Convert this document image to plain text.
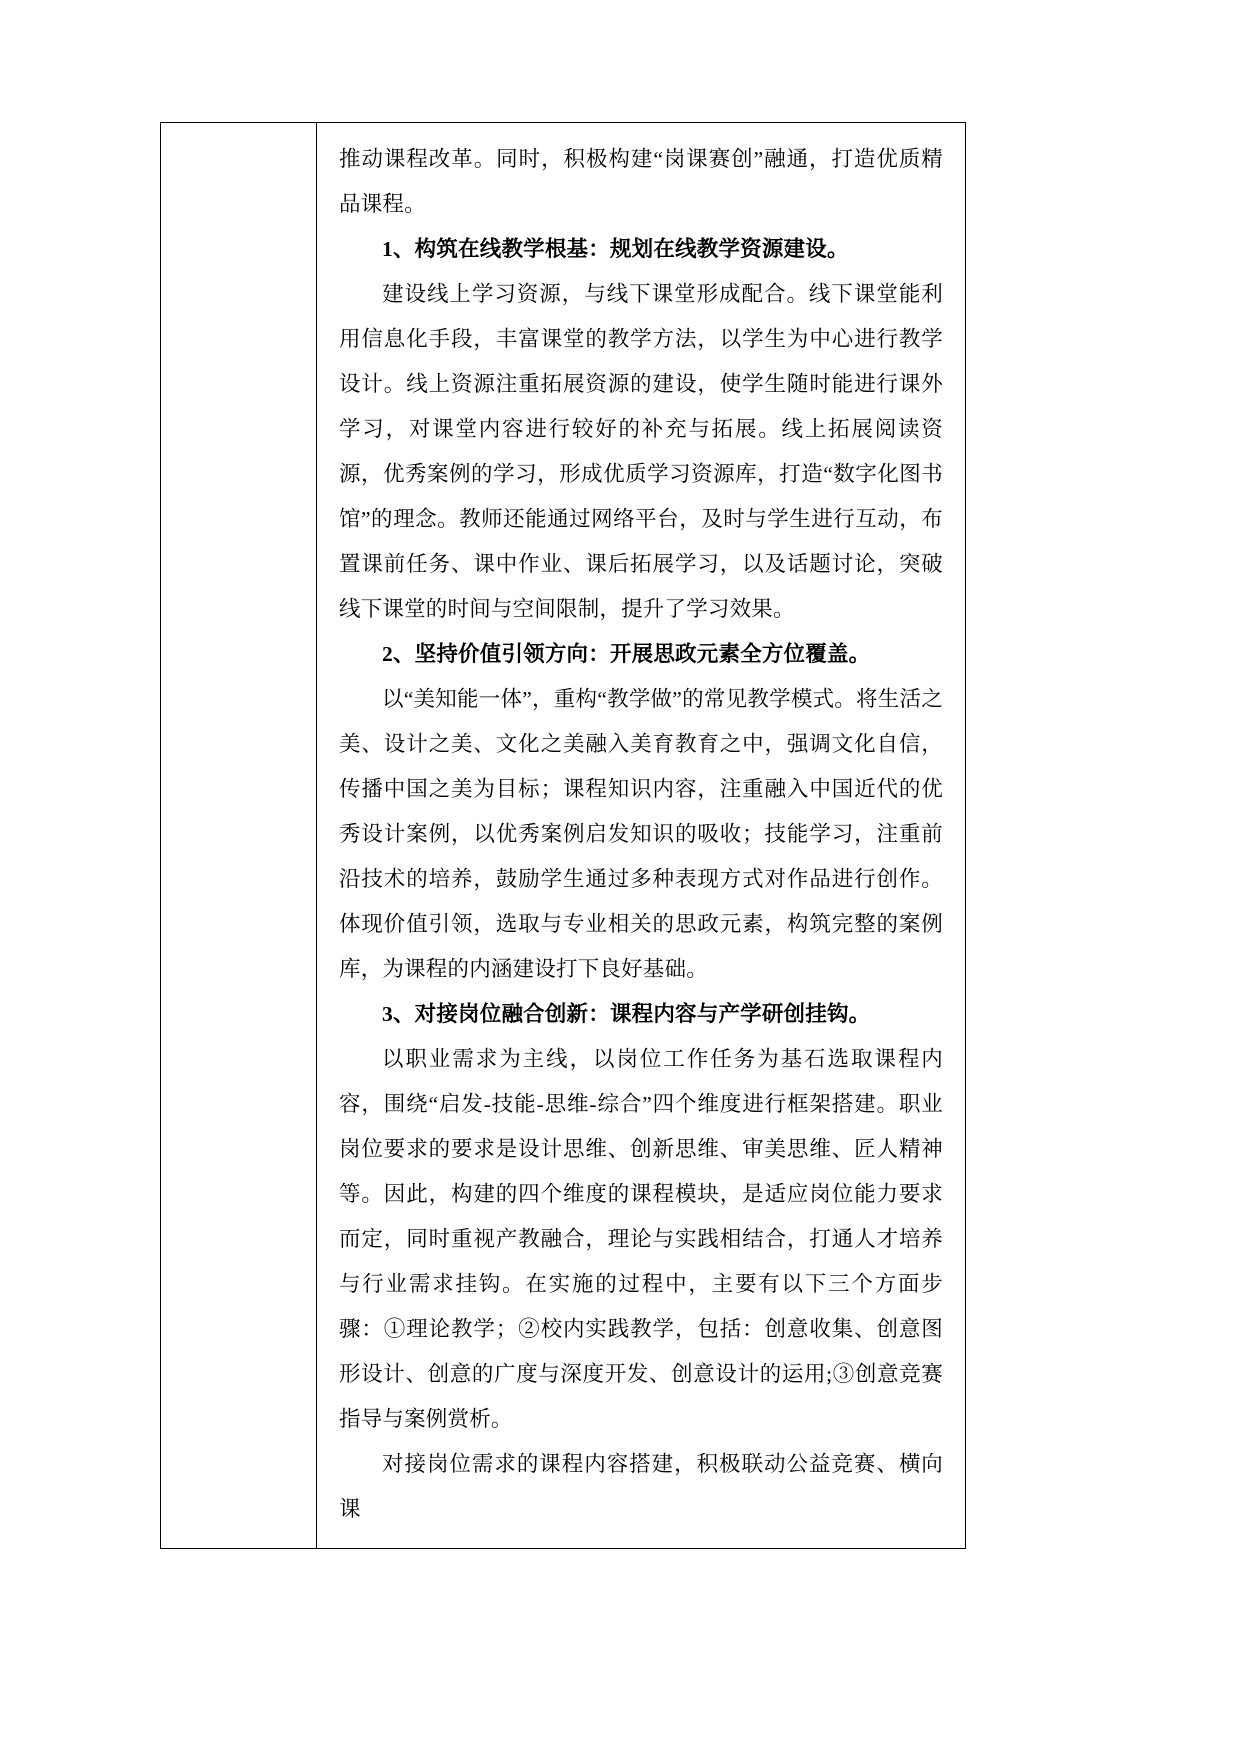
推动课程改革。同时，积极构建“岗课赛创”融通，打造优质精品课程。

1、构筑在线教学根基：规划在线教学资源建设。

建设线上学习资源，与线下课堂形成配合。线下课堂能利用信息化手段，丰富课堂的教学方法，以学生为中心进行教学设计。线上资源注重拓展资源的建设，使学生随时能进行课外学习，对课堂内容进行较好的补充与拓展。线上拓展阅读资源，优秀案例的学习，形成优质学习资源库，打造“数字化图书馆”的理念。教师还能通过网络平台，及时与学生进行互动，布置课前任务、课中作业、课后拓展学习，以及话题讨论，突破线下课堂的时间与空间限制，提升了学习效果。

2、坚持价值引领方向：开展思政元素全方位覆盖。

以“美知能一体”，重构“教学做”的常见教学模式。将生活之美、设计之美、文化之美融入美育教育之中，强调文化自信，传播中国之美为目标；课程知识内容，注重融入中国近代的优秀设计案例，以优秀案例启发知识的吸收；技能学习，注重前沿技术的培养，鼓励学生通过多种表现方式对作品进行创作。体现价值引领，选取与专业相关的思政元素，构筑完整的案例库，为课程的内涵建设打下良好基础。

3、对接岗位融合创新：课程内容与产学研创挂钩。

以职业需求为主线，以岗位工作任务为基石选取课程内容，围绕“启发-技能-思维-综合”四个维度进行框架搭建。职业岗位要求的要求是设计思维、创新思维、审美思维、匠人精神等。因此，构建的四个维度的课程模块，是适应岗位能力要求而定，同时重视产教融合，理论与实践相结合，打通人才培养与行业需求挂钩。在实施的过程中，主要有以下三个方面步骤：①理论教学；②校内实践教学，包括：创意收集、创意图形设计、创意的广度与深度开发、创意设计的运用;③创意竞赛指导与案例赏析。

对接岗位需求的课程内容搭建，积极联动公益竞赛、横向课
